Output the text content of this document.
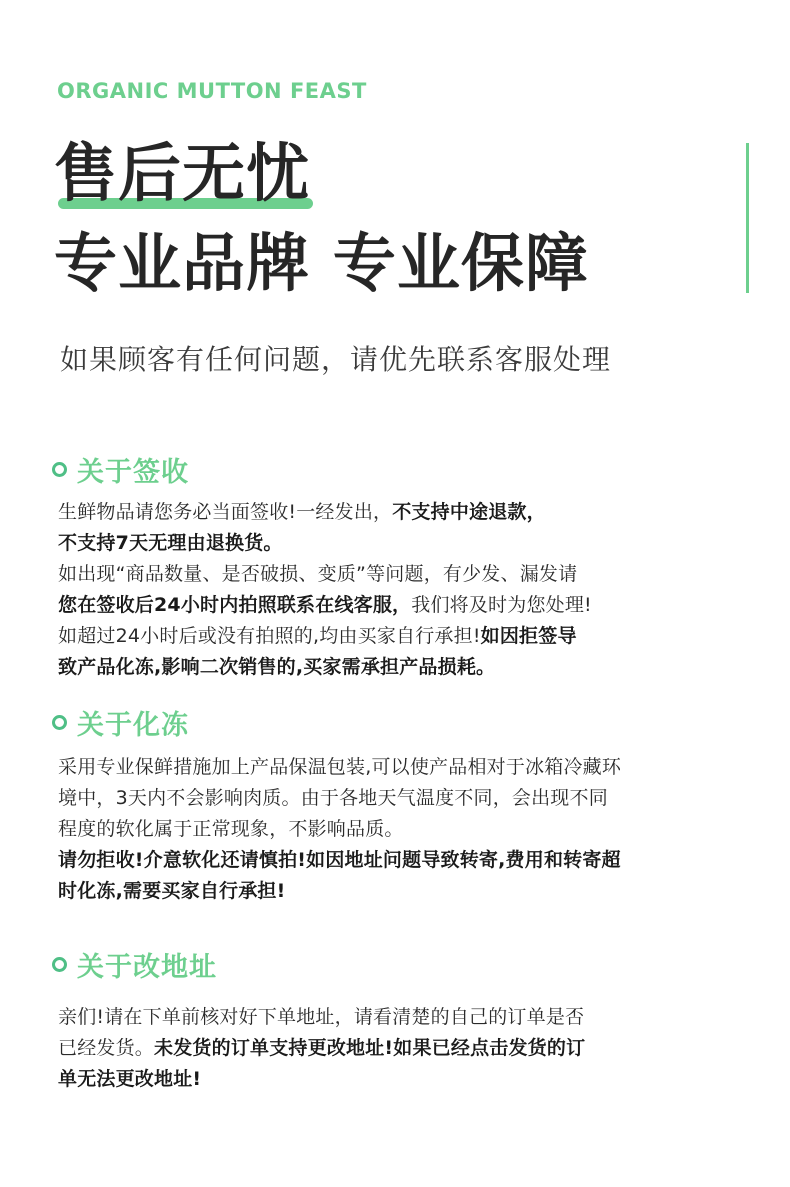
ORGANIC MUTTON FEAST
售后无忧
专业品牌 专业保障
如果顾客有任何问题，请优先联系客服处理
关于签收
生鲜物品请您务必当面签收!一经发出，不支持中途退款，
不支持7天无理由退换货。
如出现“商品数量、是否破损、变质”等问题，有少发、漏发请
您在签收后24小时内拍照联系在线客服，我们将及时为您处理!
如超过24小时后或没有拍照的,均由买家自行承担!如因拒签导
致产品化冻,影响二次销售的,买家需承担产品损耗。
关于化冻
采用专业保鲜措施加上产品保温包装,可以使产品相对于冰箱冷藏环
境中，3天内不会影响肉质。由于各地天气温度不同，会出现不同
程度的软化属于正常现象，不影响品质。
请勿拒收!介意软化还请慎拍!如因地址问题导致转寄,费用和转寄超
时化冻,需要买家自行承担!
关于改地址
亲们!请在下单前核对好下单地址，请看清楚的自己的订单是否
已经发货。未发货的订单支持更改地址!如果已经点击发货的订
单无法更改地址!
